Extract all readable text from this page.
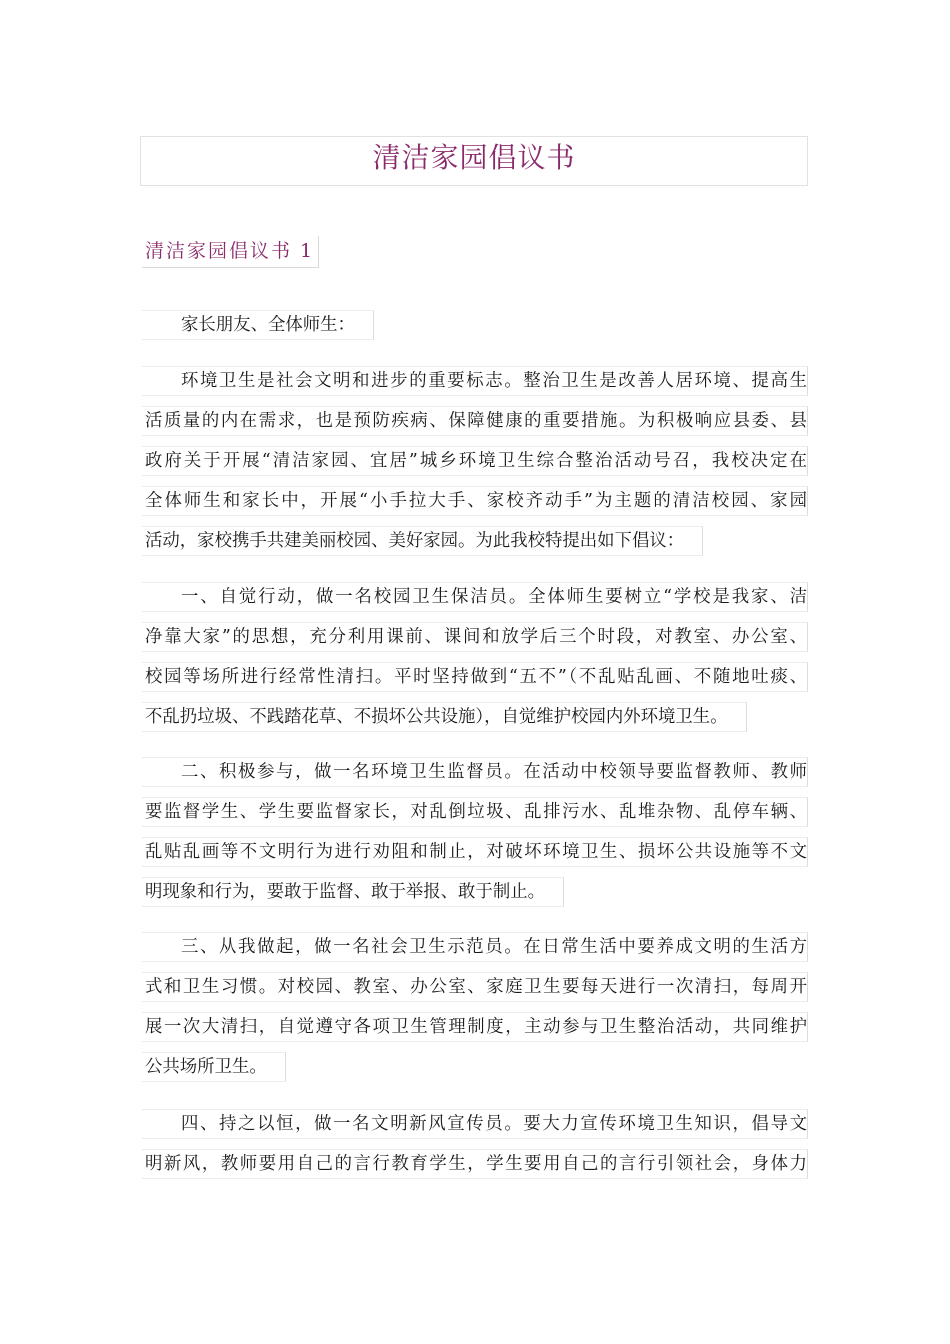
清洁家园倡议书
清洁家园倡议书 1
家长朋友、全体师生：
环境卫生是社会文明和进步的重要标志。整治卫生是改善人居环境、提高生
活质量的内在需求，也是预防疾病、保障健康的重要措施。为积极响应县委、县
政府关于开展“清洁家园、宜居”城乡环境卫生综合整治活动号召，我校决定在
全体师生和家长中，开展“小手拉大手、家校齐动手”为主题的清洁校园、家园
活动，家校携手共建美丽校园、美好家园。为此我校特提出如下倡议：
一、自觉行动，做一名校园卫生保洁员。全体师生要树立“学校是我家、洁
净靠大家”的思想，充分利用课前、课间和放学后三个时段，对教室、办公室、
校园等场所进行经常性清扫。平时坚持做到“五不”（不乱贴乱画、不随地吐痰、
不乱扔垃圾、不践踏花草、不损坏公共设施），自觉维护校园内外环境卫生。
二、积极参与，做一名环境卫生监督员。在活动中校领导要监督教师、教师
要监督学生、学生要监督家长，对乱倒垃圾、乱排污水、乱堆杂物、乱停车辆、
乱贴乱画等不文明行为进行劝阻和制止，对破坏环境卫生、损坏公共设施等不文
明现象和行为，要敢于监督、敢于举报、敢于制止。
三、从我做起，做一名社会卫生示范员。在日常生活中要养成文明的生活方
式和卫生习惯。对校园、教室、办公室、家庭卫生要每天进行一次清扫，每周开
展一次大清扫，自觉遵守各项卫生管理制度，主动参与卫生整治活动，共同维护
公共场所卫生。
四、持之以恒，做一名文明新风宣传员。要大力宣传环境卫生知识，倡导文
明新风，教师要用自己的言行教育学生，学生要用自己的言行引领社会，身体力
